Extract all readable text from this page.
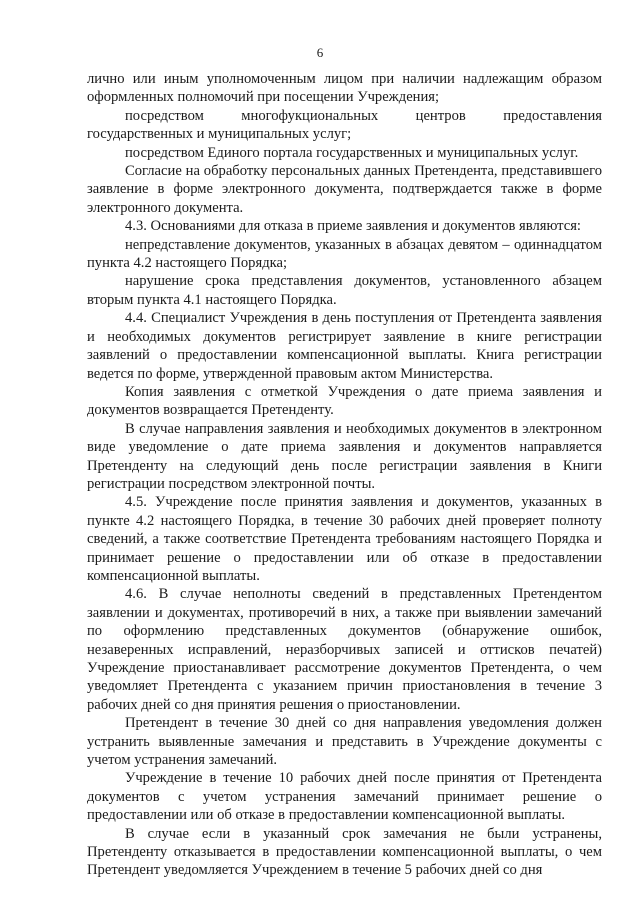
6

лично или иным уполномоченным лицом при наличии надлежащим образом оформленных полномочий при посещении Учреждения;

посредством многофукциональных центров предоставления государственных и муниципальных услуг;

посредством Единого портала государственных и муниципальных услуг.

Согласие на обработку персональных данных Претендента, представившего заявление в форме электронного документа, подтверждается также в форме электронного документа.

4.3. Основаниями для отказа в приеме заявления и документов являются:

непредставление документов, указанных в абзацах девятом – одиннадцатом пункта 4.2 настоящего Порядка;

нарушение срока представления документов, установленного абзацем вторым пункта 4.1 настоящего Порядка.

4.4. Специалист Учреждения в день поступления от Претендента заявления и необходимых документов регистрирует заявление в книге регистрации заявлений о предоставлении компенсационной выплаты. Книга регистрации ведется по форме, утвержденной правовым актом Министерства.

Копия заявления с отметкой Учреждения о дате приема заявления и документов возвращается Претенденту.

В случае направления заявления и необходимых документов в электронном виде уведомление о дате приема заявления и документов направляется Претенденту на следующий день после регистрации заявления в Книги регистрации посредством электронной почты.

4.5. Учреждение после принятия заявления и документов, указанных в пункте 4.2 настоящего Порядка, в течение 30 рабочих дней проверяет полноту сведений, а также соответствие Претендента требованиям настоящего Порядка и принимает решение о предоставлении или об отказе в предоставлении компенсационной выплаты.

4.6. В случае неполноты сведений в представленных Претендентом заявлении и документах, противоречий в них, а также при выявлении замечаний по оформлению представленных документов (обнаружение ошибок, незаверенных исправлений, неразборчивых записей и оттисков печатей) Учреждение приостанавливает рассмотрение документов Претендента, о чем уведомляет Претендента с указанием причин приостановления в течение 3 рабочих дней со дня принятия решения о приостановлении.

Претендент в течение 30 дней со дня направления уведомления должен устранить выявленные замечания и представить в Учреждение документы с учетом устранения замечаний.

Учреждение в течение 10 рабочих дней после принятия от Претендента документов с учетом устранения замечаний принимает решение о предоставлении или об отказе в предоставлении компенсационной выплаты.

В случае если в указанный срок замечания не были устранены, Претенденту отказывается в предоставлении компенсационной выплаты, о чем Претендент уведомляется Учреждением в течение 5 рабочих дней со дня
